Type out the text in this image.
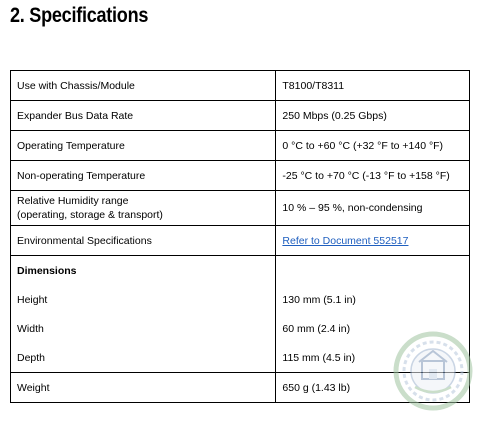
2. Specifications
Use with Chassis/Module	T8100/T8311
Expander Bus Data Rate	250 Mbps (0.25 Gbps)
Operating Temperature	0 °C to +60 °C (+32 °F to +140 °F)
Non-operating Temperature	-25 °C to +70 °C (-13 °F to +158 °F)

Relative Humidity range
(operating, storage & transport)	10 % – 95 %, non-condensing
Environmental Specifications	Refer to Document 552517
Dimensions	
Height	130 mm (5.1 in)
Width	60 mm (2.4 in)
Depth	115 mm (4.5 in)
Weight	650 g (1.43 lb)
